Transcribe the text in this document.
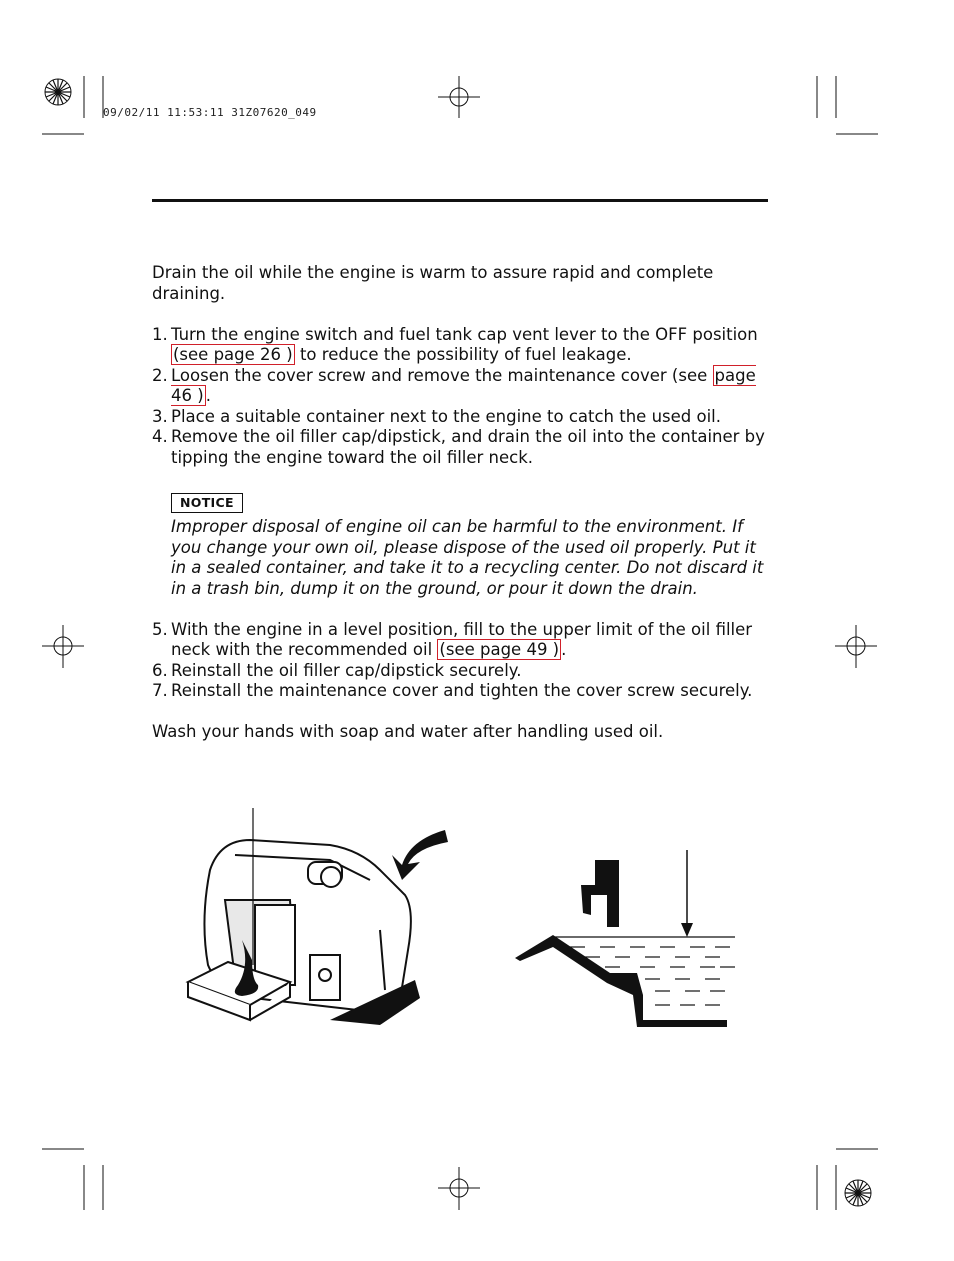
09/02/11 11:53:11 31Z07620_049

Drain the oil while the engine is warm to assure rapid and complete draining.

1. Turn the engine switch and fuel tank cap vent lever to the OFF position (see page 26 ) to reduce the possibility of fuel leakage.
2. Loosen the cover screw and remove the maintenance cover (see page 46 ) .
3. Place a suitable container next to the engine to catch the used oil.
4. Remove the oil filler cap/dipstick, and drain the oil into the container by tipping the engine toward the oil filler neck.
NOTICE

Improper disposal of engine oil can be harmful to the environment. If you change your own oil, please dispose of the used oil properly. Put it in a sealed container, and take it to a recycling center. Do not discard it in a trash bin, dump it on the ground, or pour it down the drain.

5. With the engine in a level position, fill to the upper limit of the oil filler neck with the recommended oil (see page 49 ) .
6. Reinstall the oil filler cap/dipstick securely.
7. Reinstall the maintenance cover and tighten the cover screw securely.

Wash your hands with soap and water after handling used oil.
